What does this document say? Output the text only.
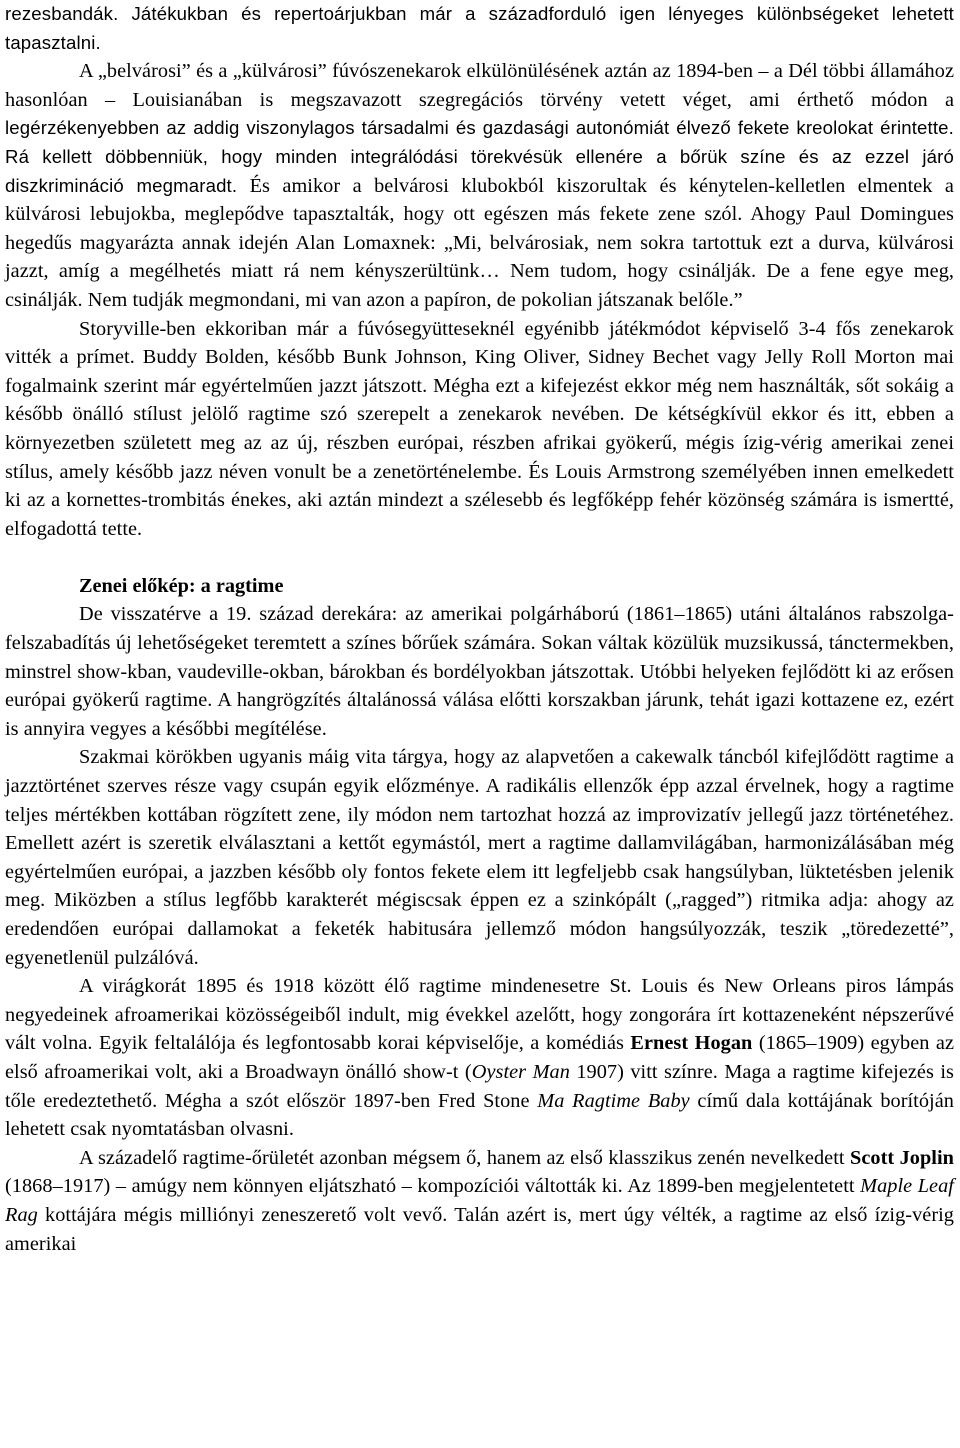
rezesbandák. Játékukban és repertoárjukban már a századforduló igen lényeges különbségeket lehetett tapasztalni.

A „belvárosi” és a „külvárosi” fúvószenekarok elkülönülésének aztán az 1894-ben – a Dél többi államához hasonlóan – Louisianában is megszavazott szegregációs törvény vetett véget, ami érthető módon a legérzékenyebben az addig viszonylagos társadalmi és gazdasági autonómiát élvező fekete kreolokat érintette. Rá kellett döbbenniük, hogy minden integrálódási törekvésük ellenére a bőrük színe és az ezzel járó diszkrimináció megmaradt. És amikor a belvárosi klubokból kiszorultak és kénytelen-kelletlen elmentek a külvárosi lebujokba, meglepődve tapasztalták, hogy ott egészen más fekete zene szól. Ahogy Paul Domingues hegedűs magyarázta annak idején Alan Lomaxnek: „Mi, belvárosiak, nem sokra tartottuk ezt a durva, külvárosi jazzt, amíg a megélhetés miatt rá nem kényszerültünk… Nem tudom, hogy csinálják. De a fene egye meg, csinálják. Nem tudják megmondani, mi van azon a papíron, de pokolian játszanak belőle.”

Storyville-ben ekkoriban már a fúvósegyütteseknél egyénibb játékmódot képviselő 3-4 fős zenekarok vitték a prímet. Buddy Bolden, később Bunk Johnson, King Oliver, Sidney Bechet vagy Jelly Roll Morton mai fogalmaink szerint már egyértelműen jazzt játszott. Mégha ezt a kifejezést ekkor még nem használták, sőt sokáig a később önálló stílust jelölő ragtime szó szerepelt a zenekarok nevében. De kétségkívül ekkor és itt, ebben a környezetben született meg az az új, részben európai, részben afrikai gyökerű, mégis ízig-vérig amerikai zenei stílus, amely később jazz néven vonult be a zenetörténelembe. És Louis Armstrong személyében innen emelkedett ki az a kornettes-trombitás énekes, aki aztán mindezt a szélesebb és legfőképp fehér közönség számára is ismertté, elfogadottá tette.

Zenei előkép: a ragtime

De visszatérve a 19. század derekára: az amerikai polgárháború (1861–1865) utáni általános rabszolga-felszabadítás új lehetőségeket teremtett a színes bőrűek számára. Sokan váltak közülük muzsikussá, tánctermekben, minstrel show-kban, vaudeville-okban, bárokban és bordélyokban játszottak. Utóbbi helyeken fejlődött ki az erősen európai gyökerű ragtime. A hangrögzítés általánossá válása előtti korszakban járunk, tehát igazi kottazene ez, ezért is annyira vegyes a későbbi megítélése.

Szakmai körökben ugyanis máig vita tárgya, hogy az alapvetően a cakewalk táncból kifejlődött ragtime a jazztörténet szerves része vagy csupán egyik előzménye. A radikális ellenzők épp azzal érvelnek, hogy a ragtime teljes mértékben kottában rögzített zene, ily módon nem tartozhat hozzá az improvizatív jellegű jazz történetéhez. Emellett azért is szeretik elválasztani a kettőt egymástól, mert a ragtime dallamvilágában, harmonizálásában még egyértelműen európai, a jazzben később oly fontos fekete elem itt legfeljebb csak hangsúlyban, lüktetésben jelenik meg. Miközben a stílus legfőbb karakterét mégiscsak éppen ez a szinkópált („ragged”) ritmika adja: ahogy az eredendően európai dallamokat a feketék habitusára jellemző módon hangsúlyozzák, teszik „töredezetté”, egyenetlenül pulzálóvá.

A virágkorát 1895 és 1918 között élő ragtime mindenesetre St. Louis és New Orleans piros lámpás negyedeinek afroamerikai közösségeiből indult, mig évekkel azelőtt, hogy zongorára írt kottazeneként népszerűvé vált volna. Egyik feltalálója és legfontosabb korai képviselője, a komédiás Ernest Hogan (1865–1909) egyben az első afroamerikai volt, aki a Broadwayn önálló show-t (Oyster Man 1907) vitt színre. Maga a ragtime kifejezés is tőle eredeztethető. Mégha a szót először 1897-ben Fred Stone Ma Ragtime Baby című dala kottájának borítóján lehetett csak nyomtatásban olvasni.

A századelő ragtime-őrületét azonban mégsem ő, hanem az első klasszikus zenén nevelkedett Scott Joplin (1868–1917) – amúgy nem könnyen eljátszható – kompozíciói váltották ki. Az 1899-ben megjelentetett Maple Leaf Rag kottájára mégis milliónyi zeneszerető volt vevő. Talán azért is, mert úgy vélték, a ragtime az első ízig-vérig amerikai
